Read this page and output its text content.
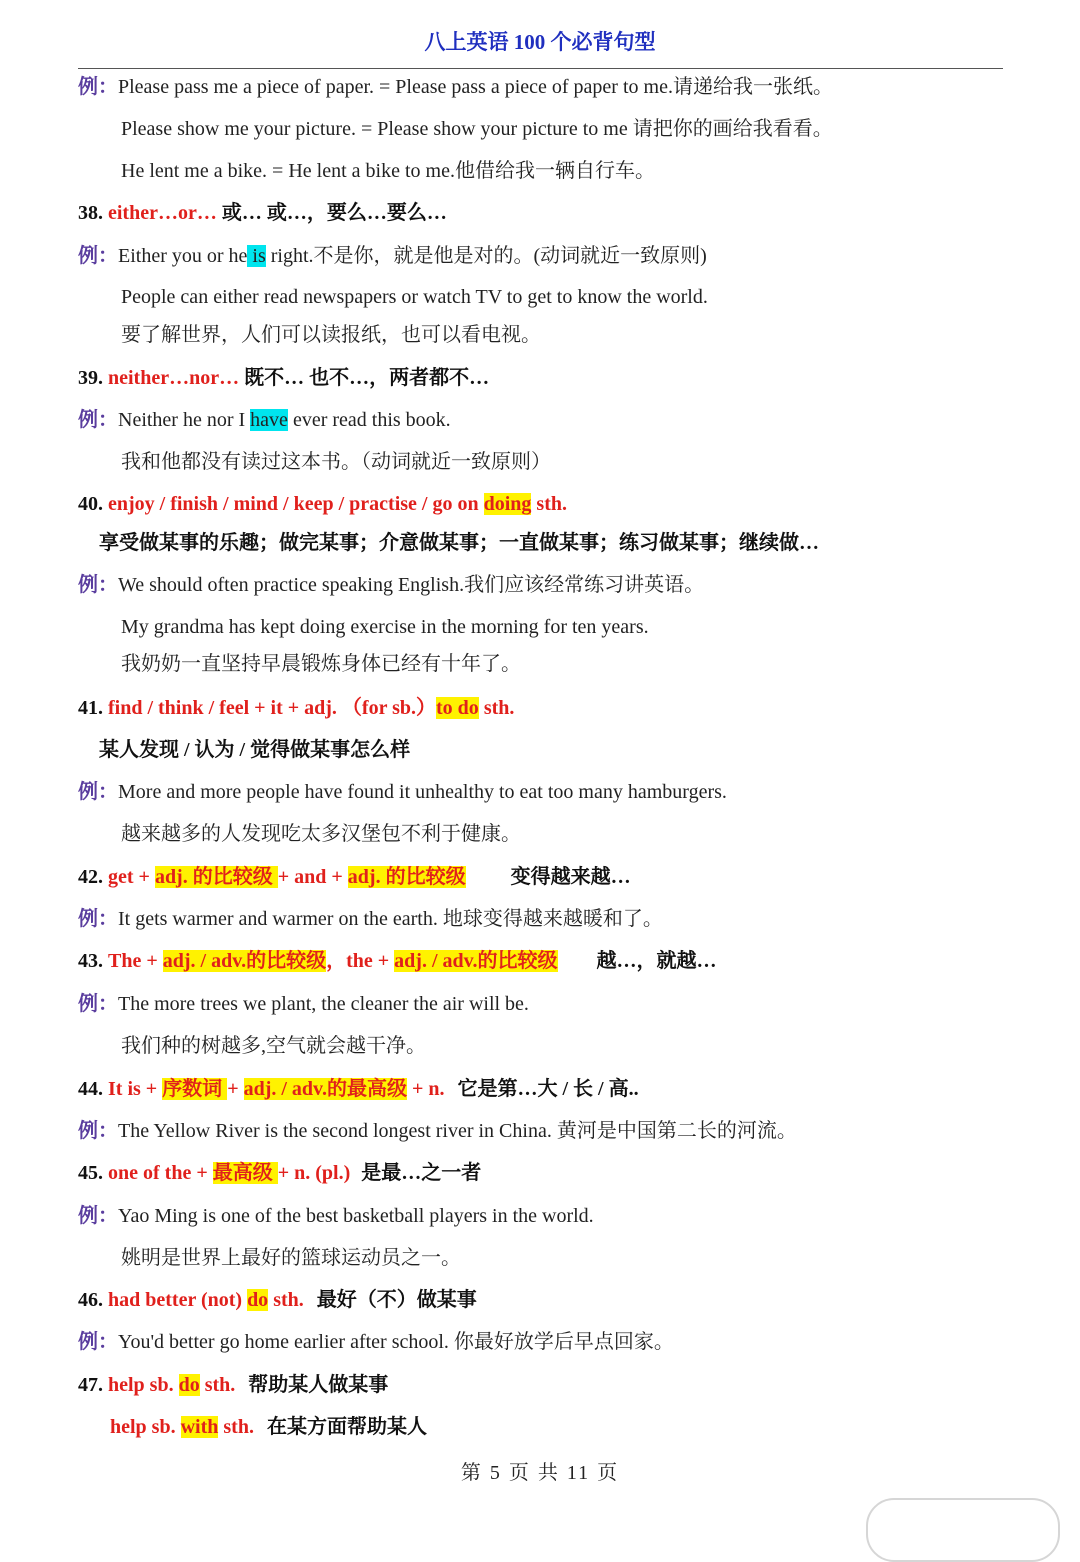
八上英语 100 个必背句型
例：Please pass me a piece of paper. = Please pass a piece of paper to me.请递给我一张纸。
Please show me your picture. = Please show your picture to me 请把你的画给我看看。
He lent me a bike. = He lent a bike to me.他借给我一辆自行车。
38. either…or… 或… 或…，要么…要么…
例：Either you or he is right.不是你，就是他是对的。(动词就近一致原则)
People can either read newspapers or watch TV to get to know the world.
要了解世界，人们可以读报纸，也可以看电视。
39. neither…nor… 既不… 也不…，两者都不…
例：Neither he nor I have ever read this book.
我和他都没有读过这本书。（动词就近一致原则）
40. enjoy / finish / mind / keep / practise / go on doing sth.
享受做某事的乐趣；做完某事；介意做某事；一直做某事；练习做某事；继续做…
例：We should often practice speaking English.我们应该经常练习讲英语。
My grandma has kept doing exercise in the morning for ten years.
我奶奶一直坚持早晨锻炼身体已经有十年了。
41. find / think / feel + it + adj. （for sb.）to do sth.
某人发现 / 认为 / 觉得做某事怎么样
例：More and more people have found it unhealthy to eat too many hamburgers.
越来越多的人发现吃太多汉堡包不利于健康。
42. get + adj. 的比较级 + and + adj. 的比较级 变得越来越…
例：It gets warmer and warmer on the earth. 地球变得越来越暖和了。
43. The + adj. / adv.的比较级，the + adj. / adv.的比较级 越…，就越…
例：The more trees we plant, the cleaner the air will be.
我们种的树越多,空气就会越干净。
44. It is + 序数词 + adj. / adv.的最高级 + n. 它是第…大 / 长 / 高..
例：The Yellow River is the second longest river in China. 黄河是中国第二长的河流。
45. one of the + 最高级 + n. (pl.) 是最…之一者
例：Yao Ming is one of the best basketball players in the world.
姚明是世界上最好的篮球运动员之一。
46. had better (not) do sth. 最好（不）做某事
例：You'd better go home earlier after school. 你最好放学后早点回家。
47. help sb. do sth. 帮助某人做某事
help sb. with sth. 在某方面帮助某人
第 5 页 共 11 页
